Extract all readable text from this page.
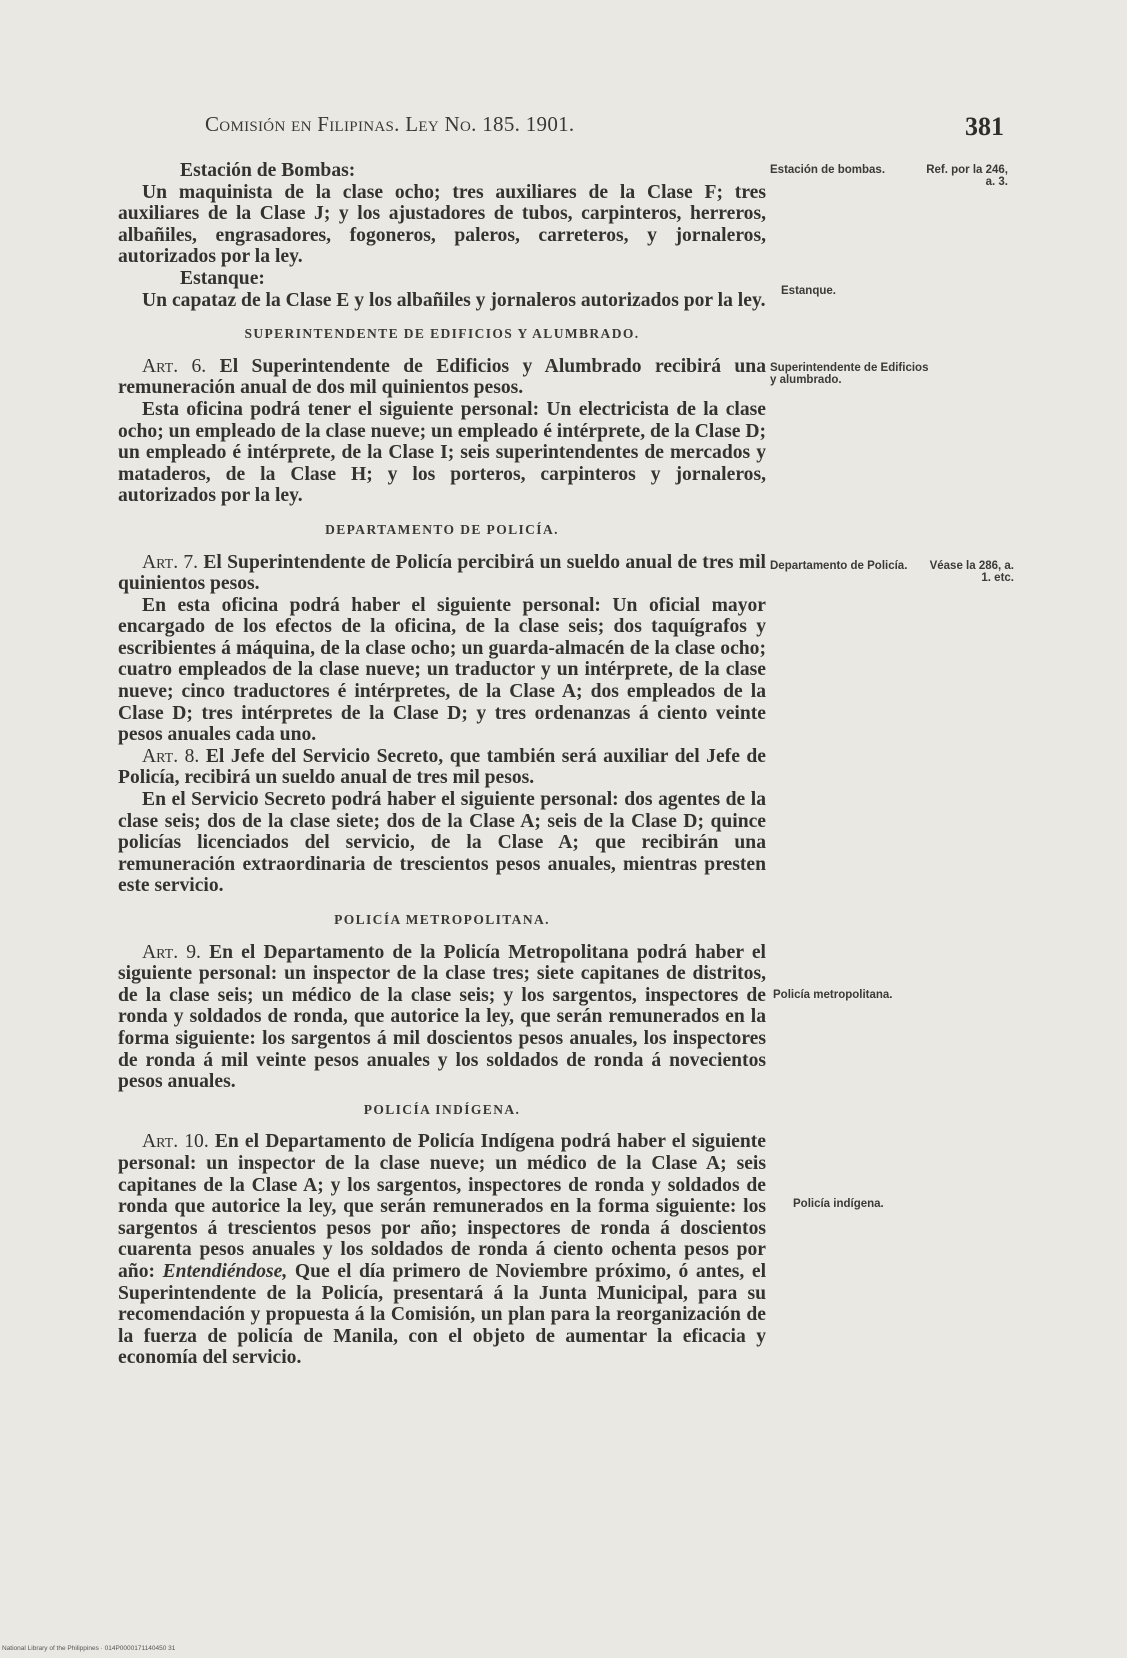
Comisión en Filipinas. Ley No. 185. 1901.	381

Estación de Bombas:

Un maquinista de la clase ocho; tres auxiliares de la Clase F; tres auxiliares de la Clase J; y los ajustadores de tubos, carpinteros, herreros, albañiles, engrasadores, fogoneros, paleros, carreteros, y jornaleros, autorizados por la ley.

Estanque:

Un capataz de la Clase E y los albañiles y jornaleros autorizados por la ley.

SUPERINTENDENTE DE EDIFICIOS Y ALUMBRADO.

Art. 6. El Superintendente de Edificios y Alumbrado recibirá una remuneración anual de dos mil quinientos pesos.

Esta oficina podrá tener el siguiente personal: Un electricista de la clase ocho; un empleado de la clase nueve; un empleado é intérprete, de la Clase D; un empleado é intérprete, de la Clase I; seis superintendentes de mercados y mataderos, de la Clase H; y los porteros, carpinteros y jornaleros, autorizados por la ley.

DEPARTAMENTO DE POLICÍA.

Art. 7. El Superintendente de Policía percibirá un sueldo anual de tres mil quinientos pesos.

En esta oficina podrá haber el siguiente personal: Un oficial mayor encargado de los efectos de la oficina, de la clase seis; dos taquígrafos y escribientes á máquina, de la clase ocho; un guarda-almacén de la clase ocho; cuatro empleados de la clase nueve; un traductor y un intérprete, de la clase nueve; cinco traductores é intérpretes, de la Clase A; dos empleados de la Clase D; tres intérpretes de la Clase D; y tres ordenanzas á ciento veinte pesos anuales cada uno.

Art. 8. El Jefe del Servicio Secreto, que también será auxiliar del Jefe de Policía, recibirá un sueldo anual de tres mil pesos.

En el Servicio Secreto podrá haber el siguiente personal: dos agentes de la clase seis; dos de la clase siete; dos de la Clase A; seis de la Clase D; quince policías licenciados del servicio, de la Clase A; que recibirán una remuneración extraordinaria de trescientos pesos anuales, mientras presten este servicio.

POLICÍA METROPOLITANA.

Art. 9. En el Departamento de la Policía Metropolitana podrá haber el siguiente personal: un inspector de la clase tres; siete capitanes de distritos, de la clase seis; un médico de la clase seis; y los sargentos, inspectores de ronda y soldados de ronda, que autorice la ley, que serán remunerados en la forma siguiente: los sargentos á mil doscientos pesos anuales, los inspectores de ronda á mil veinte pesos anuales y los soldados de ronda á novecientos pesos anuales.

POLICÍA INDÍGENA.

Art. 10. En el Departamento de Policía Indígena podrá haber el siguiente personal: un inspector de la clase nueve; un médico de la Clase A; seis capitanes de la Clase A; y los sargentos, inspectores de ronda y soldados de ronda que autorice la ley, que serán remunerados en la forma siguiente: los sargentos á trescientos pesos por año; inspectores de ronda á doscientos cuarenta pesos anuales y los soldados de ronda á ciento ochenta pesos por año: Entendiéndose, Que el día primero de Noviembre próximo, ó antes, el Superintendente de la Policía, presentará á la Junta Municipal, para su recomendación y propuesta á la Comisión, un plan para la reorganización de la fuerza de policía de Manila, con el objeto de aumentar la eficacia y economía del servicio.

Estación de bombas.	Ref. por la 246, a. 3.
Estanque.
Superintendente de Edificios y alumbrado.
Departamento de Policía.	Véase la 286, a. 1. etc.
Policía metropolitana.
Policía indígena.
National Library of the Philippines · 014P0000171140450 31
